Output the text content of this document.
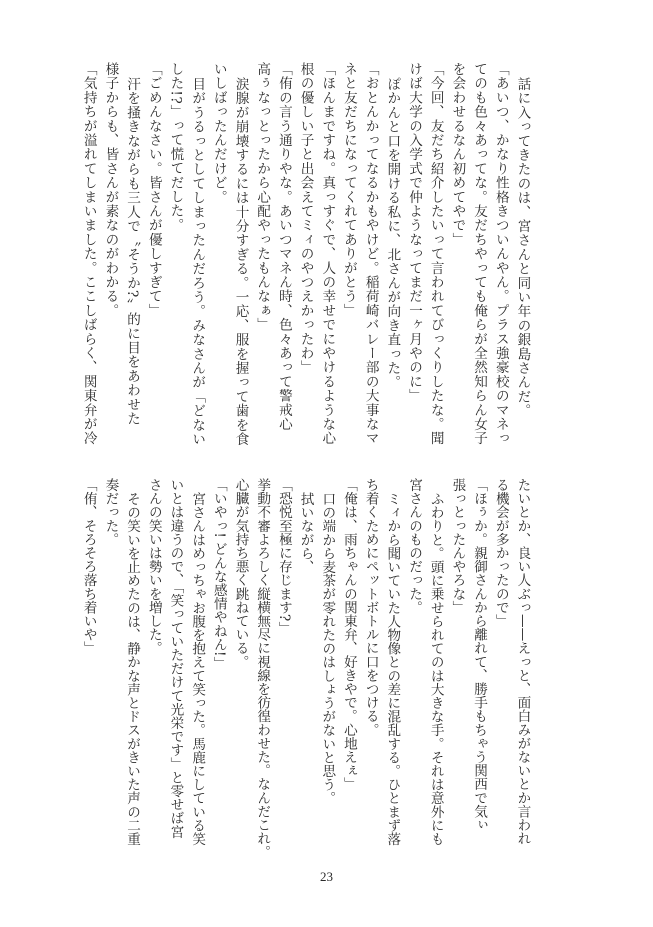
話に入ってきたのは、宮さんと同い年の銀島さんだ。
「あいつ、かなり性格きついんやん。プラス強豪校のマネっ
てのも色々あってな。友だちやっても俺らが全然知らん女子
を会わせるなん初めてやで」
「今回、友だち紹介したいって言われてびっくりしたな。聞
けば大学の入学式で仲ようなってまだ一ヶ月やのに」
ぽかんと口を開ける私に、北さんが向き直った。
「おとんかってなるかもやけど。稲荷崎バレー部の大事なマ
ネと友だちになってくれてありがとう」
「ほんまですね。真っすぐで、人の幸せでにやけるような心
根の優しい子と出会えてミィのやつえかったわ」
「侑の言う通りやな。あいつマネん時、色々あって警戒心
高ぅなっとったから心配やったもんなぁ」
涙腺が崩壊するには十分すぎる。一応、服を握って歯を食
いしばったんだけど。
目がうるっとしてしまったんだろう。みなさんが「どない
した!?」って慌てだした。
「ごめんなさい。皆さんが優しすぎて」
汗を掻きながらも三人で〝そうか?〟的に目をあわせた
様子からも、皆さんが素なのがわかる。
「気持ちが溢れてしまいました。ここしばらく、関東弁が冷
たいとか、良い人ぶっ——えっと、面白みがないとか言われ
る機会が多かったので」
「ほぅか。親御さんから離れて、勝手もちゃう関西で気ぃ
張っとったんやろな」
ふわりと。頭に乗せられてのは大きな手。それは意外にも
宮さんのものだった。
ミィから聞いていた人物像との差に混乱する。ひとまず落
ち着くためにペットボトルに口をつける。
「俺は、雨ちゃんの関東弁、好きやで。心地えぇ」
口の端から麦茶が零れたのはしょうがないと思う。
拭いながら、
「恐悦至極に存じます?」
挙動不審よろしく縦横無尽に視線を彷徨わせた。なんだこれ。
心臓が気持ち悪く跳ねている。
「いやっ! どんな感情やねん!」
宮さんはめっちゃお腹を抱えて笑った。馬鹿にしている笑
いとは違うので、「笑っていただけて光栄です」と零せば宮
さんの笑いは勢いを増した。
その笑いを止めたのは、静かな声とドスがきいた声の二重
奏だった。
「侑、そろそろ落ち着いや」
23
